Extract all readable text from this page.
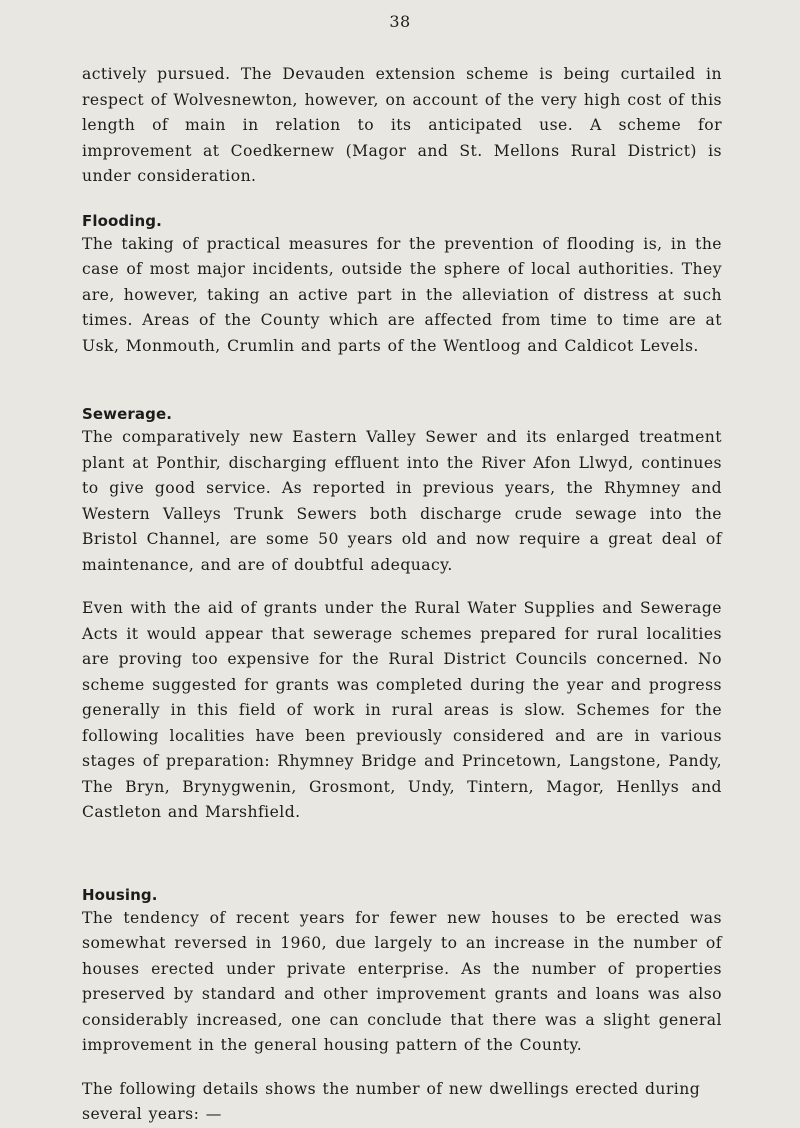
38

actively pursued. The Devauden extension scheme is being curtailed in respect of Wolvesnewton, however, on account of the very high cost of this length of main in relation to its anticipated use. A scheme for improvement at Coedkernew (Magor and St. Mellons Rural District) is under consideration.

Flooding.

The taking of practical measures for the prevention of flooding is, in the case of most major incidents, outside the sphere of local authorities. They are, however, taking an active part in the alleviation of distress at such times. Areas of the County which are affected from time to time are at Usk, Monmouth, Crumlin and parts of the Wentloog and Caldicot Levels.

Sewerage.

The comparatively new Eastern Valley Sewer and its enlarged treatment plant at Ponthir, discharging effluent into the River Afon Llwyd, continues to give good service. As reported in previous years, the Rhymney and Western Valleys Trunk Sewers both discharge crude sewage into the Bristol Channel, are some 50 years old and now require a great deal of maintenance, and are of doubtful adequacy.

Even with the aid of grants under the Rural Water Supplies and Sewerage Acts it would appear that sewerage schemes prepared for rural localities are proving too expensive for the Rural District Councils concerned. No scheme suggested for grants was completed during the year and progress generally in this field of work in rural areas is slow. Schemes for the following localities have been previously considered and are in various stages of preparation: Rhymney Bridge and Princetown, Langstone, Pandy, The Bryn, Brynygwenin, Grosmont, Undy, Tintern, Magor, Henllys and Castleton and Marshfield.

Housing.

The tendency of recent years for fewer new houses to be erected was somewhat reversed in 1960, due largely to an increase in the number of houses erected under private enterprise. As the number of properties preserved by standard and other improvement grants and loans was also considerably increased, one can conclude that there was a slight general improvement in the general housing pattern of the County.

The following details shows the number of new dwellings erected during several years: —
